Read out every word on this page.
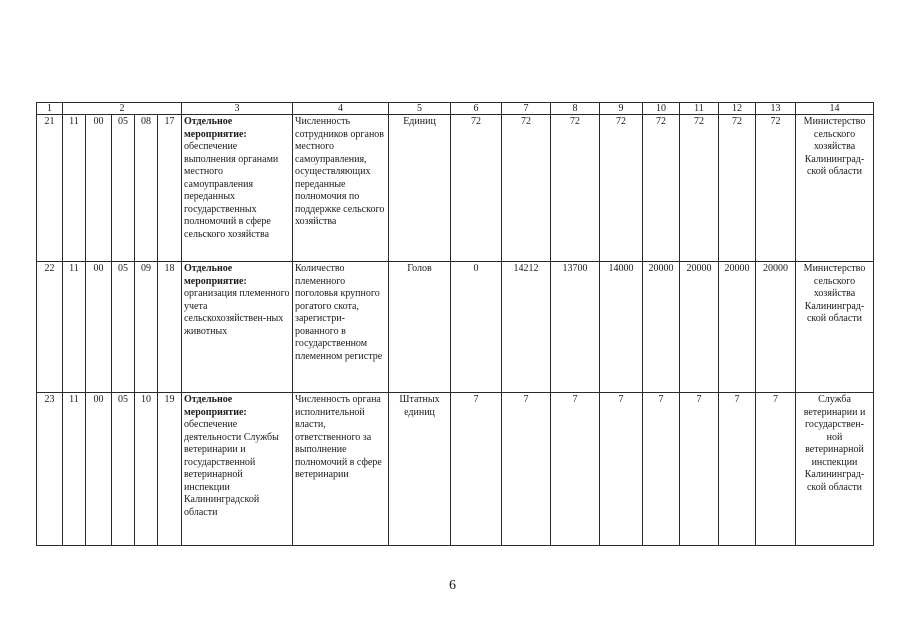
1	2					3	4	5	6	7	8	9	10	11	12	13	14
21	11	00	05	08	17	Отдельное мероприятие:
обеспечение выполнения органами местного самоуправления переданных государственных полномочий в сфере сельского хозяйства	Численность сотрудников органов местного самоуправления, осуществляющих переданные полномочия по поддержке сельского хозяйства	Единиц	72	72	72	72	72	72	72	72	Министерство сельского хозяйства Калининград-ской области
22	11	00	05	09	18	Отдельное мероприятие:
организация племенного учета сельскохозяйствен-ных животных	Количество племенного поголовья крупного рогатого скота, зарегистри-рованного в государственном племенном регистре	Голов	0	14212	13700	14000	20000	20000	20000	20000	Министерство сельского хозяйства Калининград-ской области
23	11	00	05	10	19	Отдельное мероприятие:
обеспечение деятельности Службы ветеринарии и государственной ветеринарной инспекции Калининградской области	Численность органа исполнительной власти, ответственного за выполнение полномочий в сфере ветеринарии	Штатных единиц	7	7	7	7	7	7	7	7	Служба ветеринарии и государствен-ной ветеринарной инспекции Калининград-ской области
6
